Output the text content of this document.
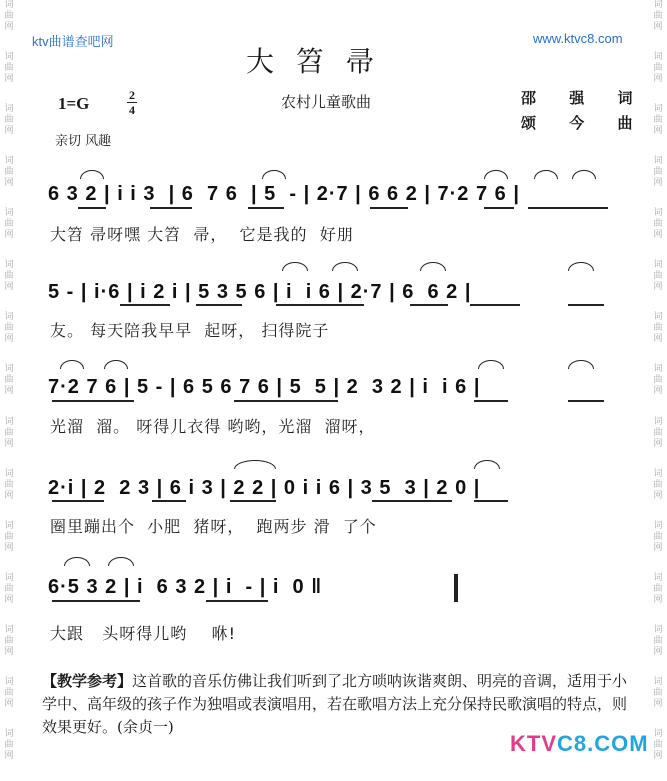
词
曲
网
词
曲
网
词
曲
网
词
曲
网
词
曲
网
词
曲
网
词
曲
网
词
曲
网
词
曲
网
词
曲
网
词
曲
网
词
曲
网
词
曲
网
词
曲
网
词
曲
网
词
曲
网
词
曲
网
词
曲
网
词
曲
网
词
曲
网
词
曲
网
词
曲
网
词
曲
网
词
曲
网
词
曲
网
词
曲
网
词
曲
网
词
曲
网
词
曲
网
词
曲
网
ktv曲谱查吧网	www.ktvc8.com
大笤帚
1=G	2
4	农村儿童歌曲
亲切 风趣
邵 强 词
颂 今 曲
6 3 2 | i i 3  | 6  7 6  | 5  - | 2·7 | 6 6 2 | 7·2 7 6 |
大笤 帚呀嘿 大笤  帚，  它是我的  好朋
5 - | i·6 | i 2 i | 5 3 5 6 | i  i 6 | 2·7 | 6  6 2 |
友。 每天陪我早早  起呀， 扫得院子
7·2 7 6 | 5 - | 6 5 6 7 6 | 5  5 | 2  3 2 | i  i 6 |
光溜  溜。 呀得儿衣得 哟哟，光溜  溜呀，
2·i | 2  2 3 | 6 i 3 | 2 2 | 0 i i 6 | 3 5  3 | 2 0 |
圈里蹦出个  小肥  猪呀，  跑两步 滑  了个
6·5 3 2 | i  6 3 2 | i  - | i  0 ‖
大跟   头呀得儿哟    咻!
【教学参考】这首歌的音乐仿佛让我们听到了北方唢呐诙谐爽朗、明亮的音调，适用于小学中、高年级的孩子作为独唱或表演唱用，若在歌唱方法上充分保持民歌演唱的特点，则效果更好。(余贞一)
KTVC8.COM
